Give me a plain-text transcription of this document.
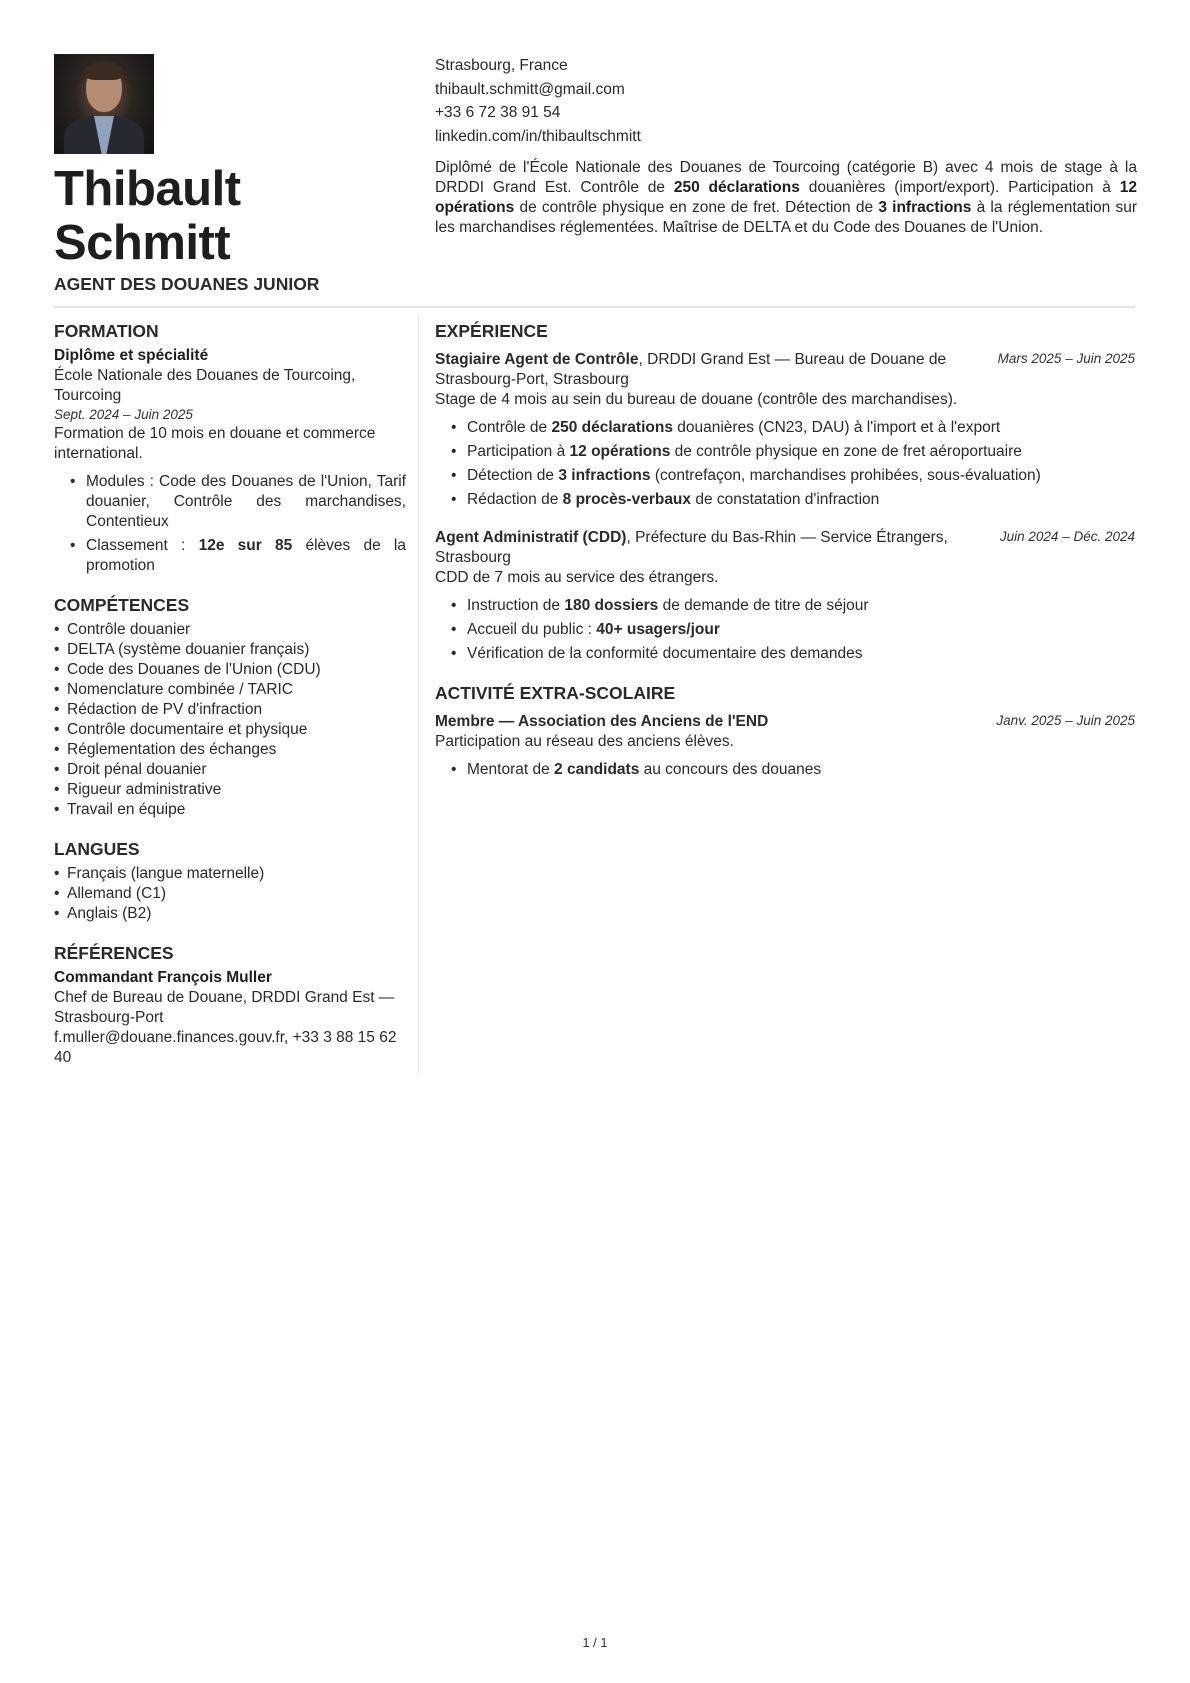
Thibault
Schmitt
AGENT DES DOUANES JUNIOR
Strasbourg, France
thibault.schmitt@gmail.com
+33 6 72 38 91 54
linkedin.com/in/thibaultschmitt
Diplômé de l'École Nationale des Douanes de Tourcoing (catégorie B) avec 4 mois de stage à la DRDDI Grand Est. Contrôle de 250 déclarations douanières (import/export). Participation à 12 opérations de contrôle physique en zone de fret. Détection de 3 infractions à la réglementation sur les marchandises réglementées. Maîtrise de DELTA et du Code des Douanes de l'Union.
FORMATION
Diplôme et spécialité
École Nationale des Douanes de Tourcoing, Tourcoing
Sept. 2024 – Juin 2025
Formation de 10 mois en douane et commerce international.
• Modules : Code des Douanes de l'Union, Tarif douanier, Contrôle des marchandises, Contentieux
• Classement : 12e sur 85 élèves de la promotion
COMPÉTENCES
• Contrôle douanier
• DELTA (système douanier français)
• Code des Douanes de l'Union (CDU)
• Nomenclature combinée / TARIC
• Rédaction de PV d'infraction
• Contrôle documentaire et physique
• Réglementation des échanges
• Droit pénal douanier
• Rigueur administrative
• Travail en équipe
LANGUES
• Français (langue maternelle)
• Allemand (C1)
• Anglais (B2)
RÉFÉRENCES
Commandant François Muller
Chef de Bureau de Douane, DRDDI Grand Est — Strasbourg-Port
f.muller@douane.finances.gouv.fr, +33 3 88 15 62 40
EXPÉRIENCE
Stagiaire Agent de Contrôle, DRDDI Grand Est — Bureau de Douane de Strasbourg-Port, Strasbourg
Mars 2025 – Juin 2025
Stage de 4 mois au sein du bureau de douane (contrôle des marchandises).
• Contrôle de 250 déclarations douanières (CN23, DAU) à l'import et à l'export
• Participation à 12 opérations de contrôle physique en zone de fret aéroportuaire
• Détection de 3 infractions (contrefaçon, marchandises prohibées, sous-évaluation)
• Rédaction de 8 procès-verbaux de constatation d'infraction
Agent Administratif (CDD), Préfecture du Bas-Rhin — Service Étrangers, Strasbourg
Juin 2024 – Déc. 2024
CDD de 7 mois au service des étrangers.
• Instruction de 180 dossiers de demande de titre de séjour
• Accueil du public : 40+ usagers/jour
• Vérification de la conformité documentaire des demandes
ACTIVITÉ EXTRA-SCOLAIRE
Membre — Association des Anciens de l'END	Janv. 2025 – Juin 2025
Participation au réseau des anciens élèves.
• Mentorat de 2 candidats au concours des douanes
1 / 1
